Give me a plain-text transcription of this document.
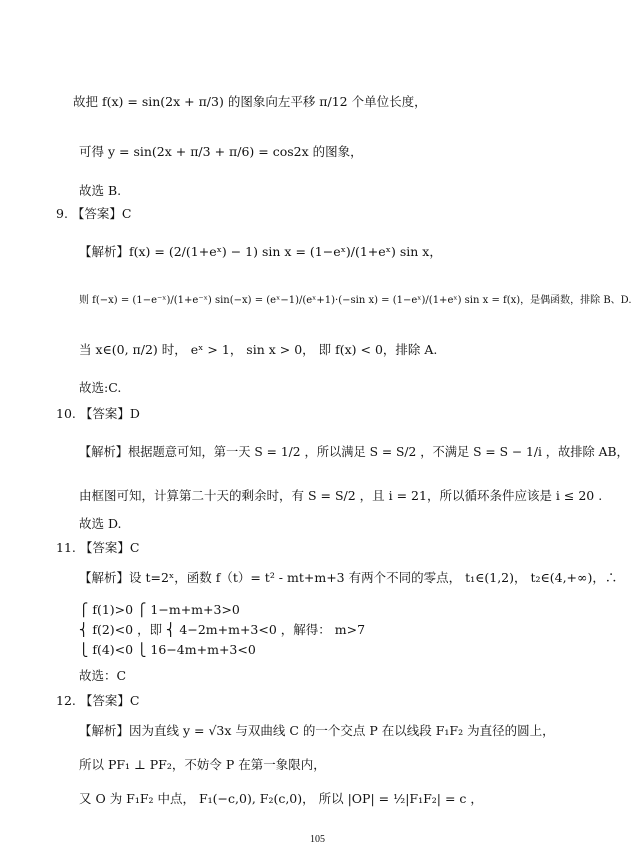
故把 f(x) = sin(2x + π/3) 的图象向左平移 π/12 个单位长度，
可得 y = sin(2x + π/3 + π/6) = cos2x 的图象，
故选 B.
9. 【答案】C
【解析】f(x) = (2/(1+eˣ) − 1) sin x = (1−eˣ)/(1+eˣ) sin x，
则 f(−x) = (1−e⁻ˣ)/(1+e⁻ˣ) sin(−x) = (eˣ−1)/(eˣ+1)·(−sin x) = (1−eˣ)/(1+eˣ) sin x = f(x)，是偶函数，排除 B、D.
当 x∈(0, π/2) 时， eˣ > 1， sin x > 0， 即 f(x) < 0，排除 A.
故选:C.
10. 【答案】D
【解析】根据题意可知，第一天 S = 1/2 ，所以满足 S = S/2 ，不满足 S = S − 1/i ，故排除 AB，
由框图可知，计算第二十天的剩余时，有 S = S/2 ，且 i = 21，所以循环条件应该是 i ≤ 20 .
故选 D.
11. 【答案】C
【解析】设 t=2ˣ，函数 f（t）= t² - mt+m+3 有两个不同的零点， t₁∈(1,2)， t₂∈(4,+∞)，∴
⎧ f(1)>0 ⎧ 1−m+m+3>0
⎨ f(2)<0 ，即 ⎨ 4−2m+m+3<0 ，解得： m>7
⎩ f(4)<0 ⎩ 16−4m+m+3<0
故选：C
12. 【答案】C
【解析】因为直线 y = √3x 与双曲线 C 的一个交点 P 在以线段 F₁F₂ 为直径的圆上，
所以 PF₁ ⊥ PF₂，不妨令 P 在第一象限内，
又 O 为 F₁F₂ 中点， F₁(−c,0), F₂(c,0)， 所以 |OP| = ½|F₁F₂| = c ，
105
